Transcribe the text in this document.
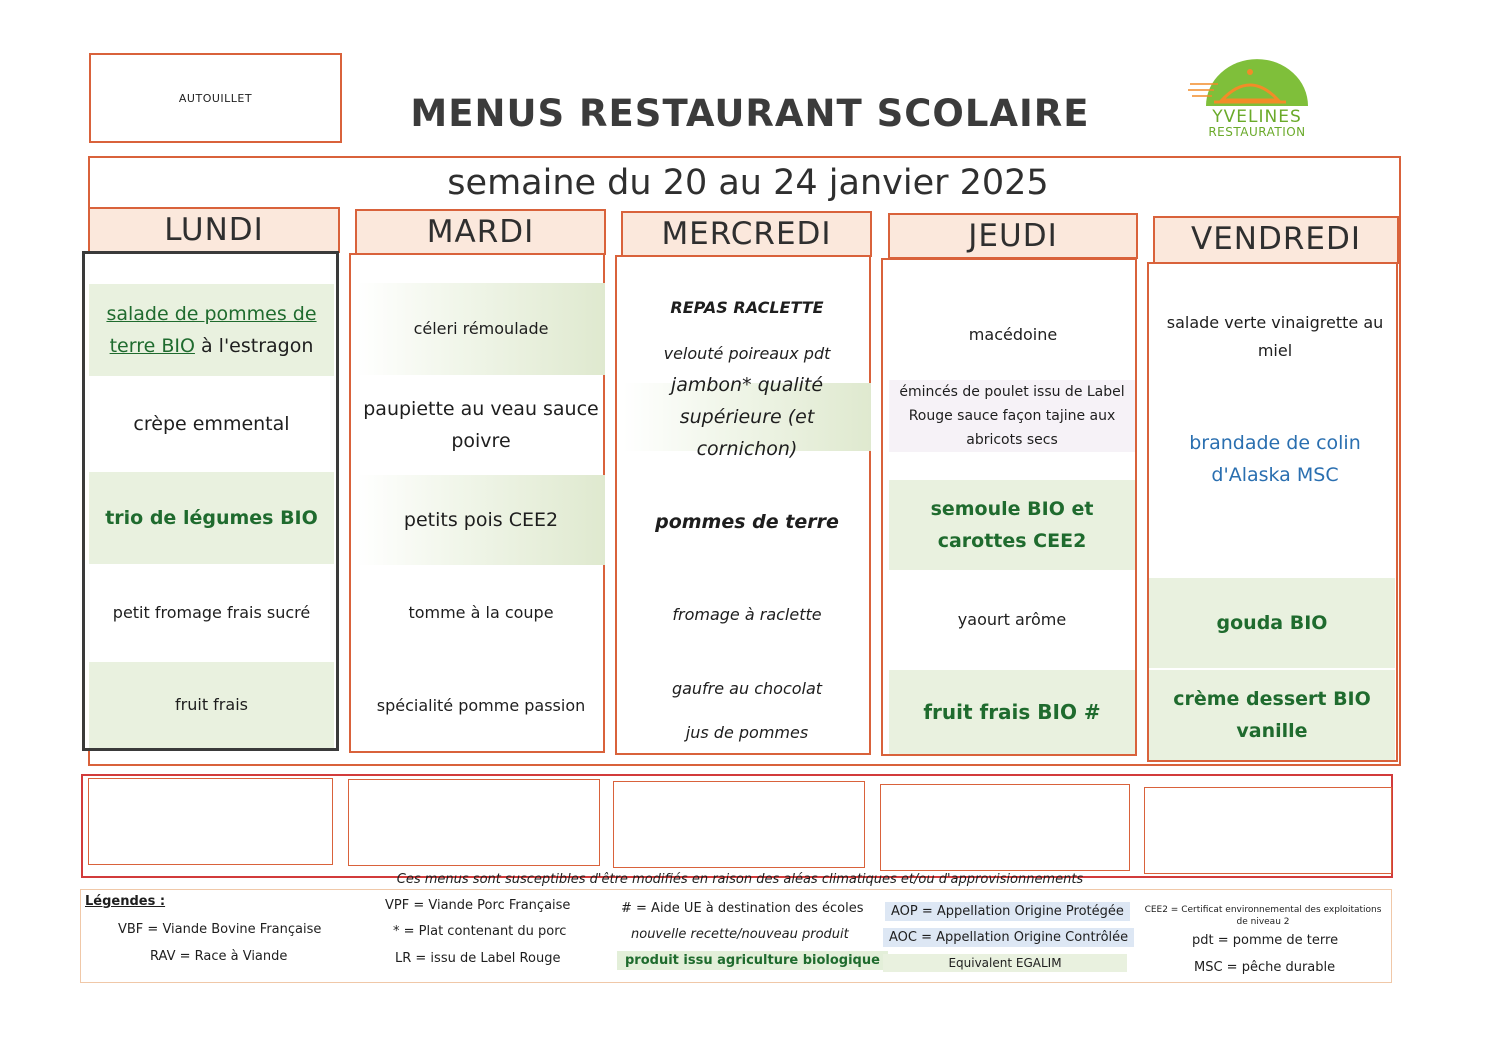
AUTOUILLET	MENUS RESTAURANT SCOLAIRE	YVELINES
RESTAURATION
semaine du 20 au 24 janvier 2025
LUNDI
salade de pommes de
terre BIO à l'estragon
crèpe emmental
trio de légumes BIO
petit fromage frais sucré
fruit frais
MARDI
céleri rémoulade
paupiette au veau sauce poivre
petits pois CEE2
tomme à la coupe
spécialité pomme passion
MERCREDI
REPAS RACLETTE
velouté poireaux pdt
jambon* qualité supérieure (et cornichon)
pommes de terre
fromage à raclette
gaufre au chocolat
jus de pommes
JEUDI
macédoine
émincés de poulet issu de Label Rouge sauce façon tajine aux abricots secs
semoule BIO et carottes CEE2
yaourt arôme
fruit frais BIO #
VENDREDI
salade verte vinaigrette au miel
brandade de colin d'Alaska MSC
gouda BIO
crème dessert BIO vanille
Ces menus sont susceptibles d'être modifiés en raison des aléas climatiques et/ou d'approvisionnements
Légendes :
VBF = Viande Bovine Française
RAV = Race à Viande
VPF = Viande Porc Française
* = Plat contenant du porc
LR = issu de Label Rouge
# = Aide UE à destination des écoles
nouvelle recette/nouveau produit
produit issu agriculture biologique
AOP = Appellation Origine Protégée
AOC = Appellation Origine Contrôlée
Equivalent EGALIM
CEE2 = Certificat environnemental des exploitations de niveau 2
pdt = pomme de terre
MSC = pêche durable
